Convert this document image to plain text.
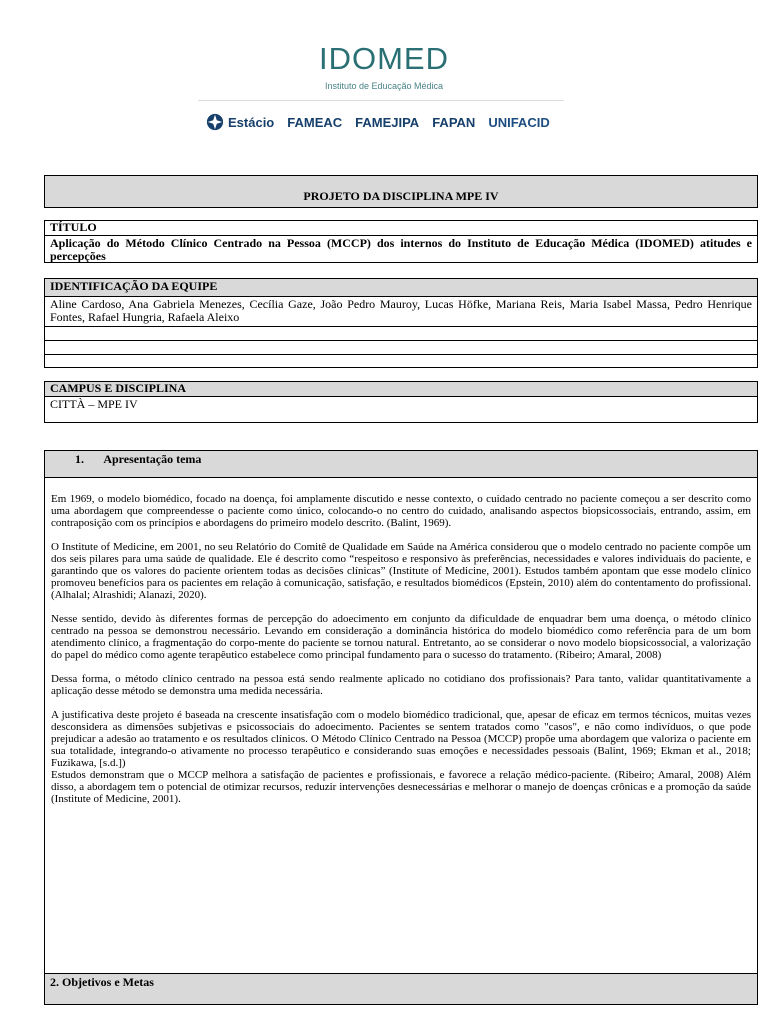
IDOMED
Instituto de Educação Médica
Estácio FAMEAC FAMEJIPA FAPAN UNIFACID
PROJETO DA DISCIPLINA MPE IV
TÍTULO
Aplicação do Método Clínico Centrado na Pessoa (MCCP) dos internos do Instituto de Educação Médica (IDOMED) atitudes e percepções
IDENTIFICAÇÃO DA EQUIPE
Aline Cardoso, Ana Gabriela Menezes, Cecília Gaze, João Pedro Mauroy, Lucas Höfke, Mariana Reis, Maria Isabel Massa, Pedro Henrique Fontes, Rafael Hungria, Rafaela Aleixo
CAMPUS E DISCIPLINA
CITTÀ – MPE IV
1. Apresentação tema

Em 1969, o modelo biomédico, focado na doença, foi amplamente discutido e nesse contexto, o cuidado centrado no paciente começou a ser descrito como uma abordagem que compreendesse o paciente como único, colocando-o no centro do cuidado, analisando aspectos biopsicossociais, entrando, assim, em contraposição com os princípios e abordagens do primeiro modelo descrito. (Balint, 1969).

O Institute of Medicine, em 2001, no seu Relatório do Comitê de Qualidade em Saúde na América considerou que o modelo centrado no paciente compõe um dos seis pilares para uma saúde de qualidade. Ele é descrito como “respeitoso e responsivo às preferências, necessidades e valores individuais do paciente, e garantindo que os valores do paciente orientem todas as decisões clínicas” (Institute of Medicine, 2001). Estudos também apontam que esse modelo clínico promoveu benefícios para os pacientes em relação à comunicação, satisfação, e resultados biomédicos (Epstein, 2010) além do contentamento do profissional. (Alhalal; Alrashidi; Alanazi, 2020).

Nesse sentido, devido às diferentes formas de percepção do adoecimento em conjunto da dificuldade de enquadrar bem uma doença, o método clínico centrado na pessoa se demonstrou necessário. Levando em consideração a dominância histórica do modelo biomédico como referência para de um bom atendimento clínico, a fragmentação do corpo-mente do paciente se tornou natural. Entretanto, ao se considerar o novo modelo biopsicossocial, a valorização do papel do médico como agente terapêutico estabelece como principal fundamento para o sucesso do tratamento. (Ribeiro; Amaral, 2008)

Dessa forma, o método clínico centrado na pessoa está sendo realmente aplicado no cotidiano dos profissionais? Para tanto, validar quantitativamente a aplicação desse método se demonstra uma medida necessária.

A justificativa deste projeto é baseada na crescente insatisfação com o modelo biomédico tradicional, que, apesar de eficaz em termos técnicos, muitas vezes desconsidera as dimensões subjetivas e psicossociais do adoecimento. Pacientes se sentem tratados como "casos", e não como indivíduos, o que pode prejudicar a adesão ao tratamento e os resultados clínicos. O Método Clínico Centrado na Pessoa (MCCP) propõe uma abordagem que valoriza o paciente em sua totalidade, integrando-o ativamente no processo terapêutico e considerando suas emoções e necessidades pessoais (Balint, 1969; Ekman et al., 2018; Fuzikawa, [s.d.])

Estudos demonstram que o MCCP melhora a satisfação de pacientes e profissionais, e favorece a relação médico-paciente. (Ribeiro; Amaral, 2008) Além disso, a abordagem tem o potencial de otimizar recursos, reduzir intervenções desnecessárias e melhorar o manejo de doenças crônicas e a promoção da saúde (Institute of Medicine, 2001).

2. Objetivos e Metas
